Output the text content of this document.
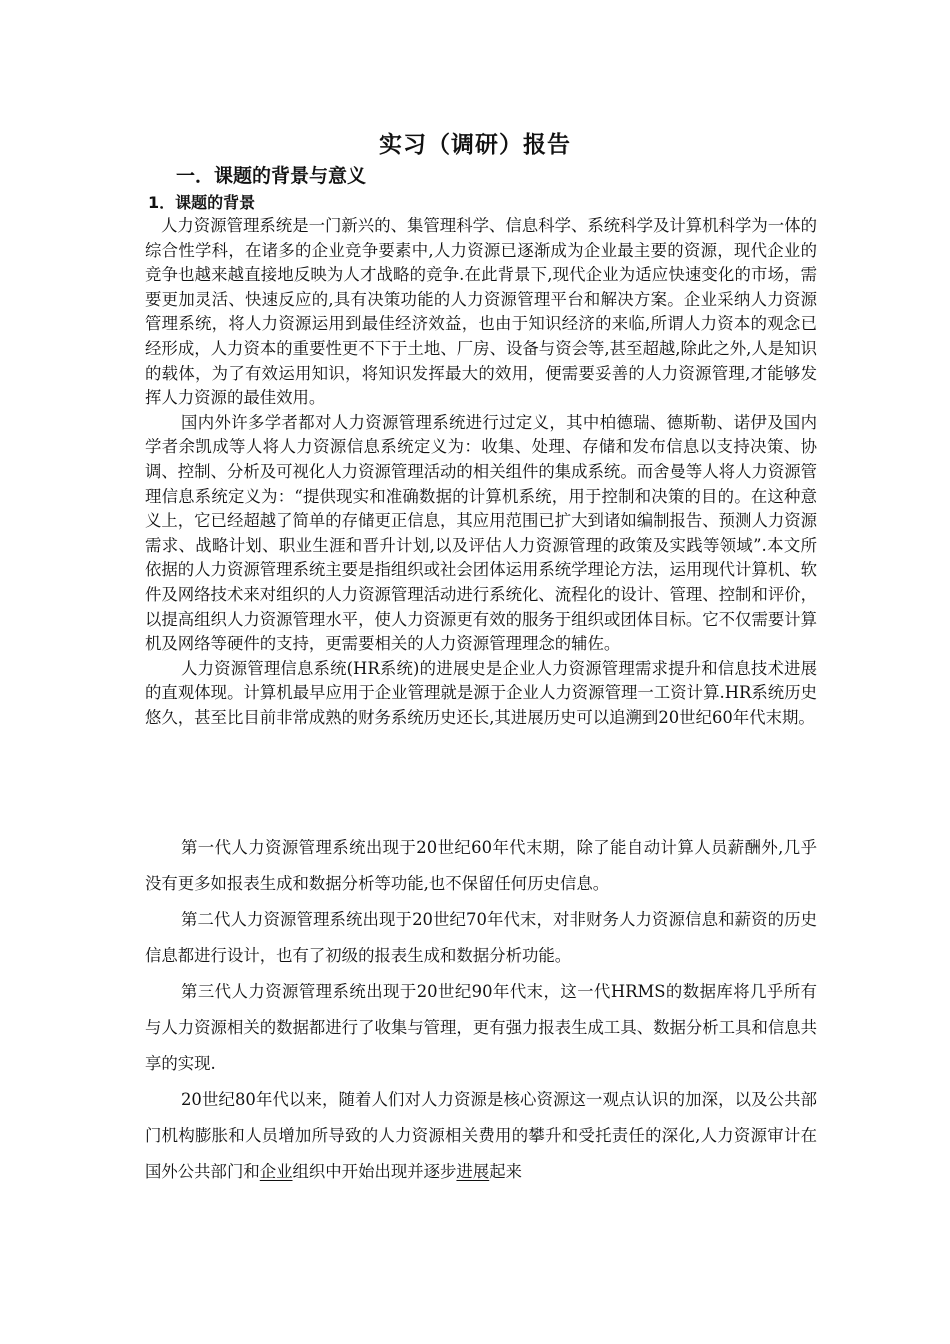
实习（调研）报告
一．课题的背景与意义
1．课题的背景

人力资源管理系统是一门新兴的、集管理科学、信息科学、系统科学及计算机科学为一体的综合性学科，在诸多的企业竞争要素中,人力资源已逐渐成为企业最主要的资源，现代企业的竞争也越来越直接地反映为人才战略的竞争.在此背景下,现代企业为适应快速变化的市场，需要更加灵活、快速反应的,具有决策功能的人力资源管理平台和解决方案。企业采纳人力资源管理系统，将人力资源运用到最佳经济效益，也由于知识经济的来临,所谓人力资本的观念已经形成，人力资本的重要性更不下于土地、厂房、设备与资会等,甚至超越,除此之外,人是知识的载体，为了有效运用知识，将知识发挥最大的效用，便需要妥善的人力资源管理,才能够发挥人力资源的最佳效用。

国内外许多学者都对人力资源管理系统进行过定义，其中柏德瑞、德斯勒、诺伊及国内学者余凯成等人将人力资源信息系统定义为：收集、处理、存储和发布信息以支持决策、协调、控制、分析及可视化人力资源管理活动的相关组件的集成系统。而舍曼等人将人力资源管理信息系统定义为：“提供现实和准确数据的计算机系统，用于控制和决策的目的。在这种意义上，它已经超越了简单的存储更正信息，其应用范围已扩大到诸如编制报告、预测人力资源需求、战略计划、职业生涯和晋升计划,以及评估人力资源管理的政策及实践等领域”.本文所依据的人力资源管理系统主要是指组织或社会团体运用系统学理论方法，运用现代计算机、软件及网络技术来对组织的人力资源管理活动进行系统化、流程化的设计、管理、控制和评价，以提高组织人力资源管理水平，使人力资源更有效的服务于组织或团体目标。它不仅需要计算机及网络等硬件的支持，更需要相关的人力资源管理理念的辅佐。

人力资源管理信息系统(HR系统)的进展史是企业人力资源管理需求提升和信息技术进展的直观体现。计算机最早应用于企业管理就是源于企业人力资源管理一工资计算.HR系统历史悠久，甚至比目前非常成熟的财务系统历史还长,其进展历史可以追溯到20世纪60年代末期。

第一代人力资源管理系统出现于20世纪60年代末期，除了能自动计算人员薪酬外,几乎没有更多如报表生成和数据分析等功能,也不保留任何历史信息。

第二代人力资源管理系统出现于20世纪70年代末，对非财务人力资源信息和薪资的历史信息都进行设计，也有了初级的报表生成和数据分析功能。

第三代人力资源管理系统出现于20世纪90年代末，这一代HRMS的数据库将几乎所有与人力资源相关的数据都进行了收集与管理，更有强力报表生成工具、数据分析工具和信息共享的实现.

20世纪80年代以来，随着人们对人力资源是核心资源这一观点认识的加深，以及公共部门机构膨胀和人员增加所导致的人力资源相关费用的攀升和受托责任的深化,人力资源审计在国外公共部门和企业组织中开始出现并逐步进展起来
